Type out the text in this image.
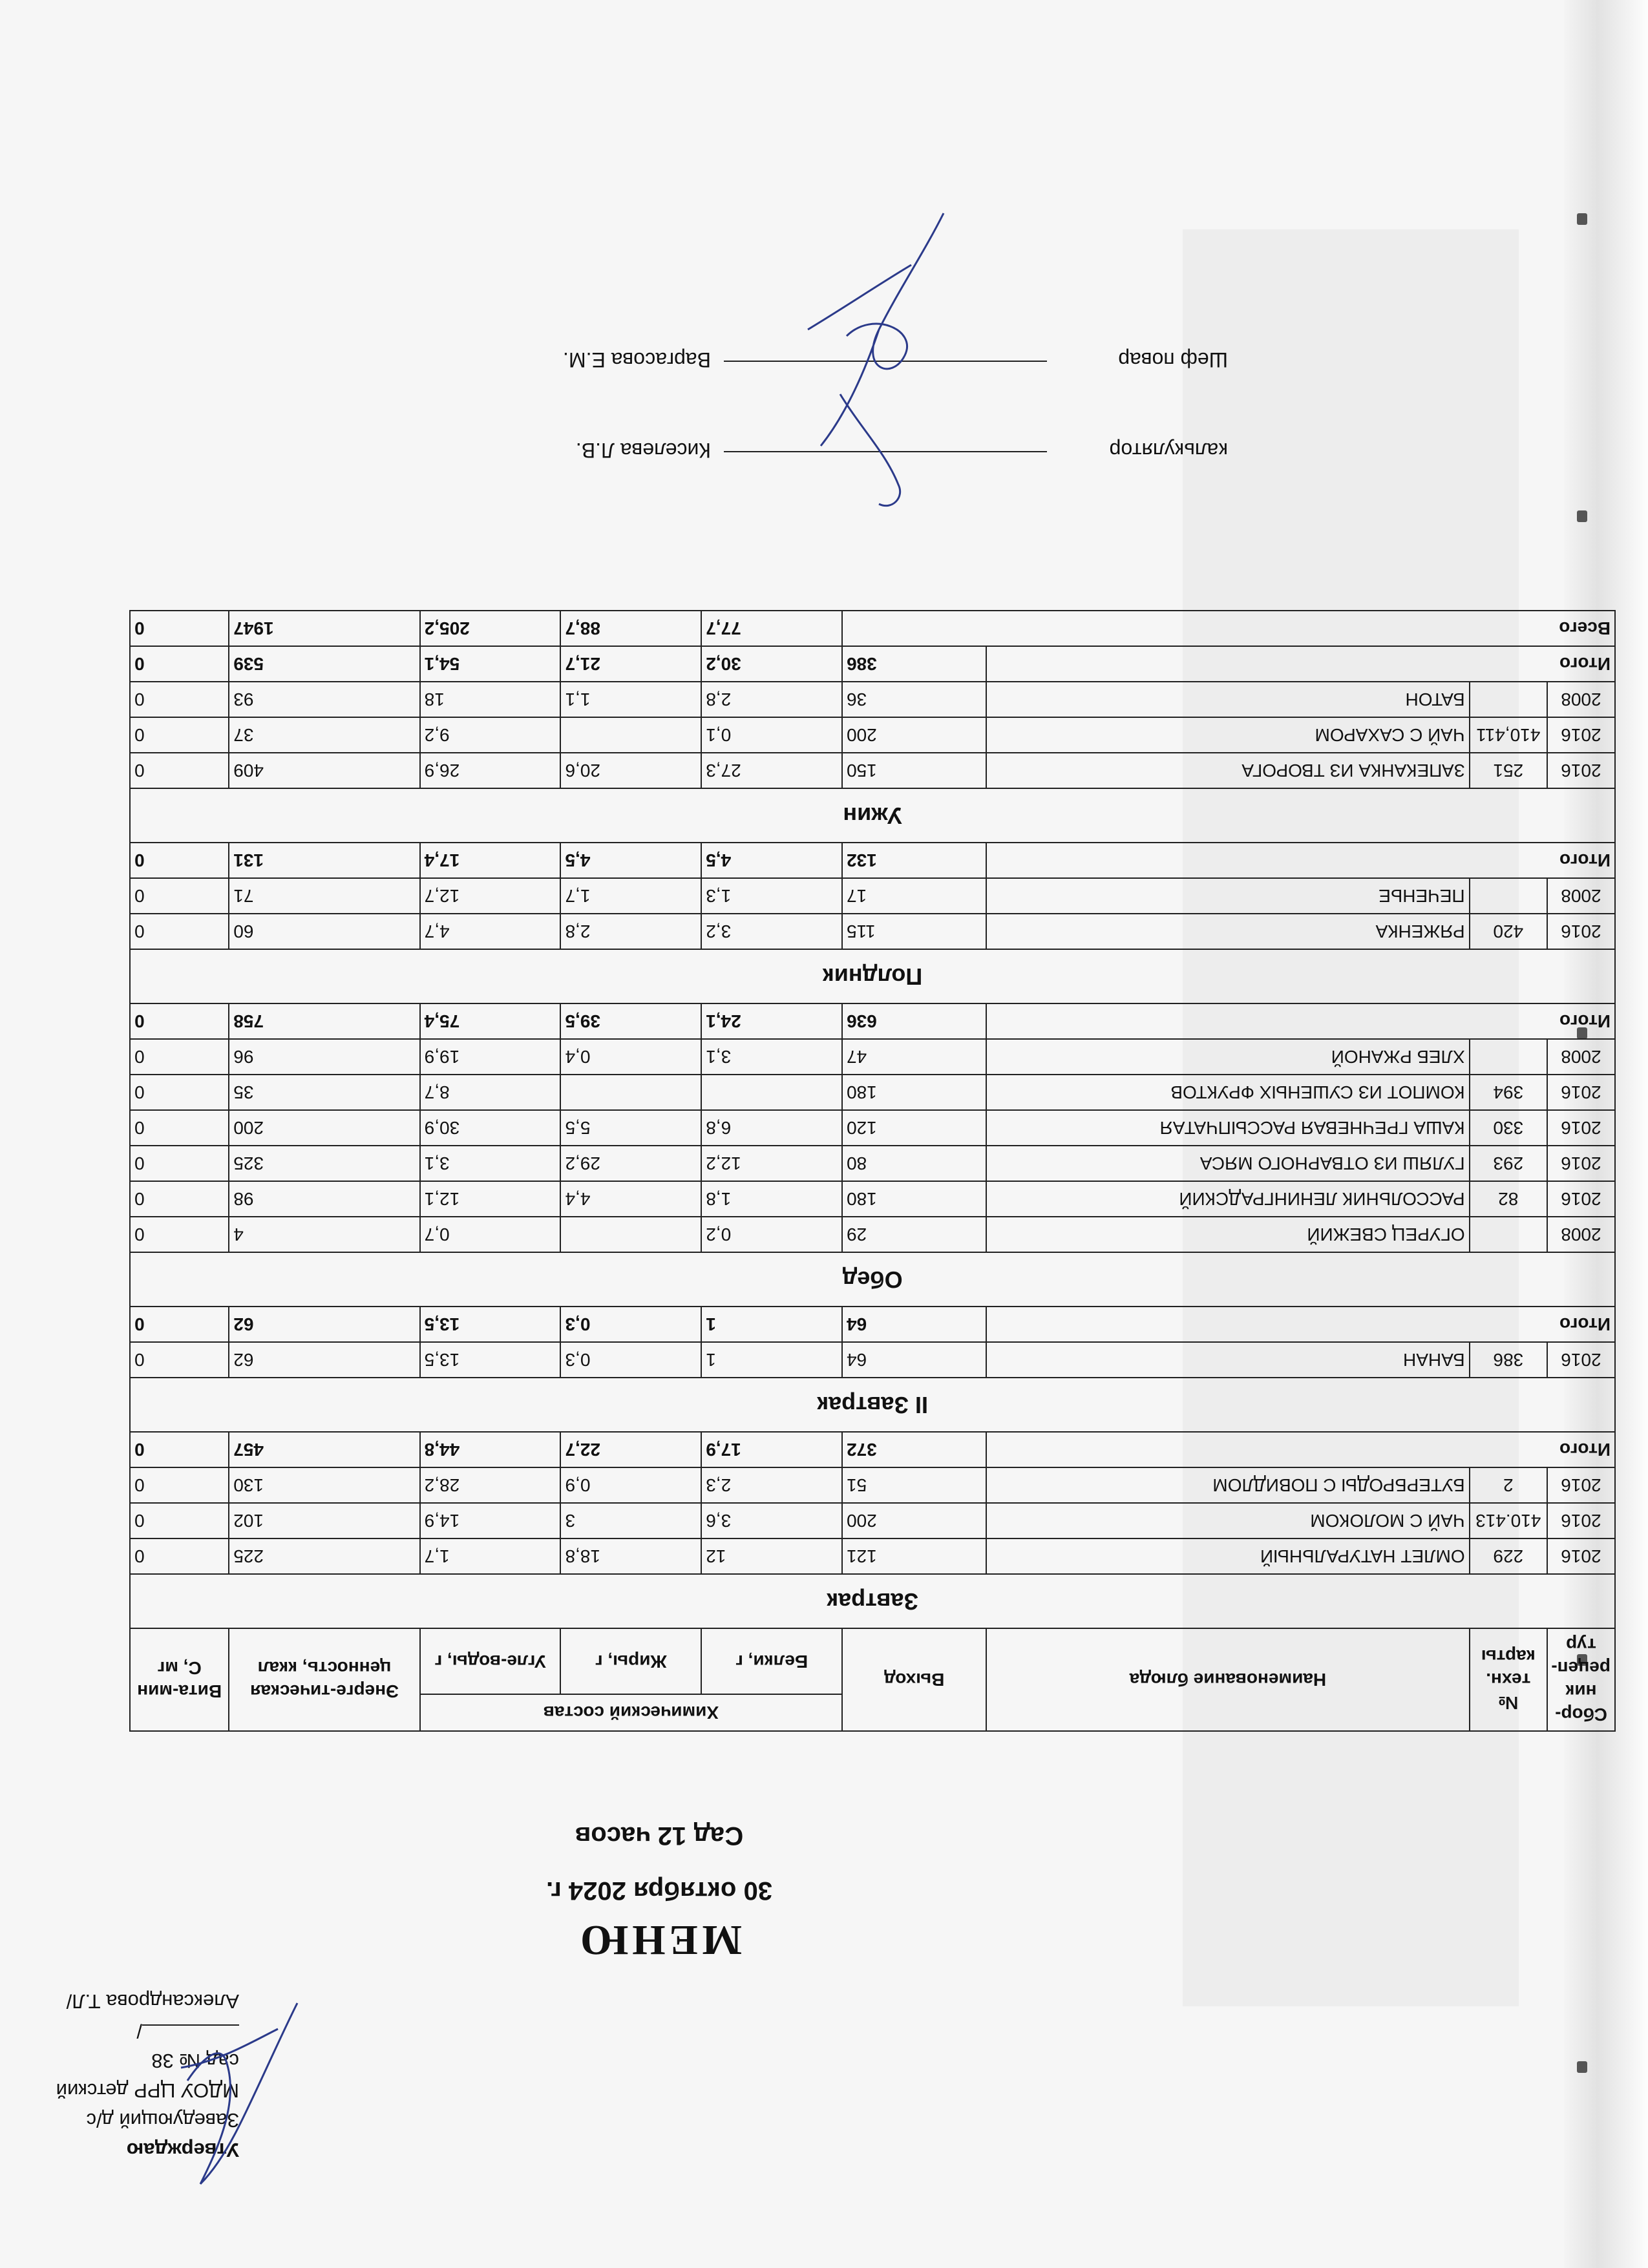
Утверждаю
Заведующий д/с
МДОУ ЦРР детский сад № 38
/Александрова Т.Л/
МЕНЮ
30 октября 2024 г.
Сад 12 часов
Сбор-ник рецеп-тур	№ техн. карты	Наименование блюда	Выход	Химический состав			Энерге-тическая ценность, ккал	Вита-мин С, мг
				Белки, г	Жиры, г	Угле-воды, г		
Завтрак								
2016	229	ОМЛЕТ НАТУРАЛЬНЫЙ	121	12	18,8	1,7	225	0
2016	410.413	ЧАЙ С МОЛОКОМ	200	3,6	3	14,9	102	0
2016	2	БУТЕРБРОДЫ С ПОВИДЛОМ	51	2,3	0,9	28,2	130	0
Итого			372	17,9	22,7	44,8	457	0
II Завтрак								
2016	386	БАНАН	64	1	0,3	13,5	62	0
Итого			64	1	0,3	13,5	62	0
Обед								
2008		ОГУРЕЦ СВЕЖИЙ	29	0,2		0,7	4	0
2016	82	РАССОЛЬНИК ЛЕНИНГРАДСКИЙ	180	1,8	4,4	12,1	98	0
2016	293	ГУЛЯШ ИЗ ОТВАРНОГО МЯСА	80	12,2	29,2	3,1	325	0
2016	330	КАША ГРЕЧНЕВАЯ РАССЫПЧАТАЯ	120	6,8	5,5	30,9	200	0
2016	394	КОМПОТ ИЗ СУШЕНЫХ ФРУКТОВ	180			8,7	35	0
2008		ХЛЕБ РЖАНОЙ	47	3,1	0,4	19,9	96	0
Итого			636	24,1	39,5	75,4	758	0
Полдник								
2016	420	РЯЖЕНКА	115	3,2	2,8	4,7	60	0
2008		ПЕЧЕНЬЕ	17	1,3	1,7	12,7	71	0
Итого			132	4,5	4,5	17,4	131	0
Ужин								
2016	251	ЗАПЕКАНКА ИЗ ТВОРОГА	150	27,3	20,6	26,9	409	0
2016	410,411	ЧАЙ С САХАРОМ	200	0,1		9,2	37	0
2008		БАТОН	36	2,8	1,1	18	93	0
Итого			386	30,2	21,7	54,1	539	0
Всего				77,7	88,7	205,2	1947	0
калькулятор
Киселева Л.В.
Шеф повар
Варгасова Е.М.
